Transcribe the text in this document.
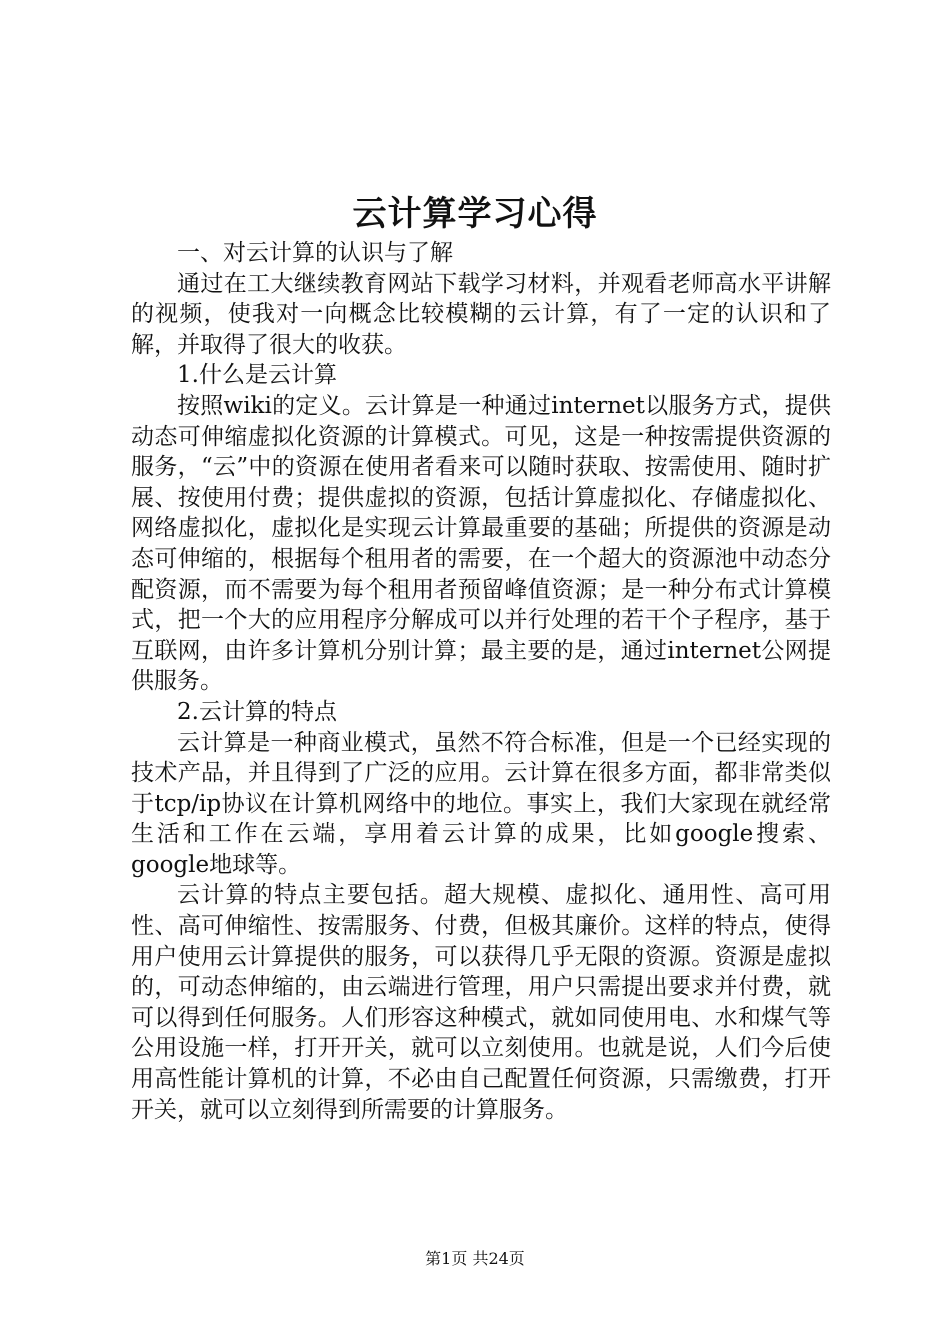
云计算学习心得

一、对云计算的认识与了解

通过在工大继续教育网站下载学习材料，并观看老师高水平讲解的视频，使我对一向概念比较模糊的云计算，有了一定的认识和了解，并取得了很大的收获。

1.什么是云计算

按照wiki的定义。云计算是一种通过internet以服务方式，提供动态可伸缩虚拟化资源的计算模式。可见，这是一种按需提供资源的服务，“云”中的资源在使用者看来可以随时获取、按需使用、随时扩展、按使用付费；提供虚拟的资源，包括计算虚拟化、存储虚拟化、网络虚拟化，虚拟化是实现云计算最重要的基础；所提供的资源是动态可伸缩的，根据每个租用者的需要，在一个超大的资源池中动态分配资源，而不需要为每个租用者预留峰值资源；是一种分布式计算模式，把一个大的应用程序分解成可以并行处理的若干个子程序，基于互联网，由许多计算机分别计算；最主要的是，通过internet公网提供服务。

2.云计算的特点

云计算是一种商业模式，虽然不符合标准，但是一个已经实现的技术产品，并且得到了广泛的应用。云计算在很多方面，都非常类似于tcp/ip协议在计算机网络中的地位。事实上，我们大家现在就经常生活和工作在云端，享用着云计算的成果，比如google搜索、google地球等。

云计算的特点主要包括。超大规模、虚拟化、通用性、高可用性、高可伸缩性、按需服务、付费，但极其廉价。这样的特点，使得用户使用云计算提供的服务，可以获得几乎无限的资源。资源是虚拟的，可动态伸缩的，由云端进行管理，用户只需提出要求并付费，就可以得到任何服务。人们形容这种模式，就如同使用电、水和煤气等公用设施一样，打开开关，就可以立刻使用。也就是说，人们今后使用高性能计算机的计算，不必由自己配置任何资源，只需缴费，打开开关，就可以立刻得到所需要的计算服务。

第1页 共24页
